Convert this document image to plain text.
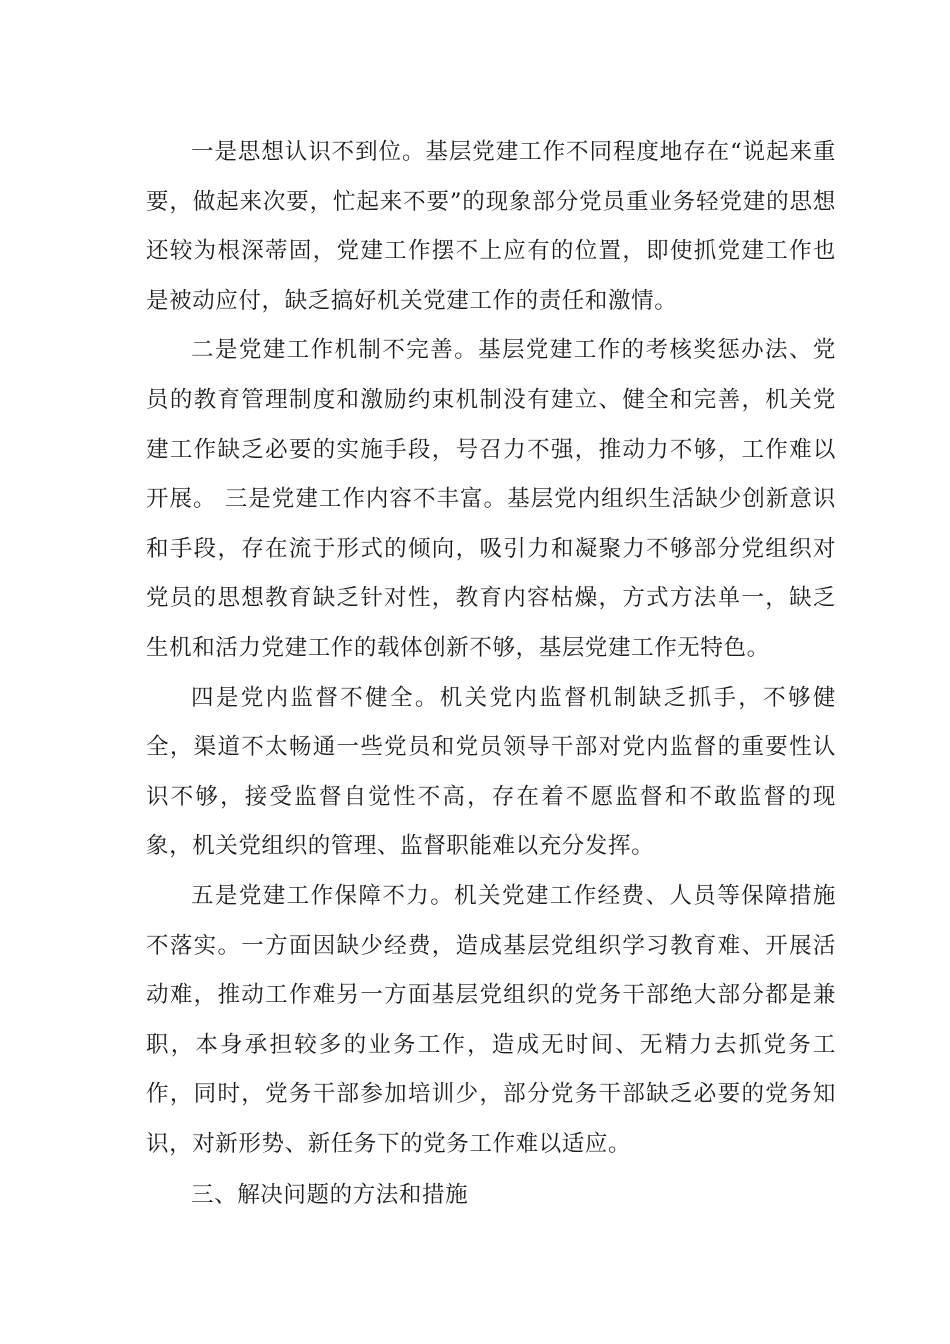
一是思想认识不到位。基层党建工作不同程度地存在“说起来重要，做起来次要，忙起来不要”的现象部分党员重业务轻党建的思想还较为根深蒂固，党建工作摆不上应有的位置，即使抓党建工作也是被动应付，缺乏搞好机关党建工作的责任和激情。

二是党建工作机制不完善。基层党建工作的考核奖惩办法、党员的教育管理制度和激励约束机制没有建立、健全和完善，机关党建工作缺乏必要的实施手段，号召力不强，推动力不够，工作难以开展。 三是党建工作内容不丰富。基层党内组织生活缺少创新意识和手段，存在流于形式的倾向，吸引力和凝聚力不够部分党组织对党员的思想教育缺乏针对性，教育内容枯燥，方式方法单一，缺乏生机和活力党建工作的载体创新不够，基层党建工作无特色。

四是党内监督不健全。机关党内监督机制缺乏抓手，不够健全，渠道不太畅通一些党员和党员领导干部对党内监督的重要性认识不够，接受监督自觉性不高，存在着不愿监督和不敢监督的现象，机关党组织的管理、监督职能难以充分发挥。

五是党建工作保障不力。机关党建工作经费、人员等保障措施不落实。一方面因缺少经费，造成基层党组织学习教育难、开展活动难，推动工作难另一方面基层党组织的党务干部绝大部分都是兼职，本身承担较多的业务工作，造成无时间、无精力去抓党务工作，同时，党务干部参加培训少，部分党务干部缺乏必要的党务知识，对新形势、新任务下的党务工作难以适应。

三、解决问题的方法和措施
